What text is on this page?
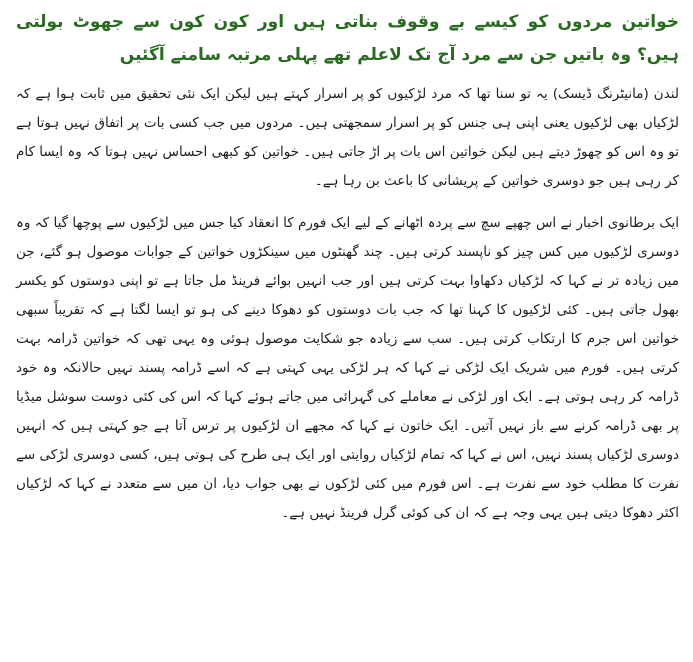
خواتین مردوں کو کیسے بے وقوف بناتی ہیں اور کون کون سے جھوٹ بولتی ہیں؟ وہ باتیں جن سے مرد آج تک لاعلم تھے پہلی مرتبہ سامنے آگئیں

لندن (مانیٹرنگ ڈیسک) یہ تو سنا تھا کہ مرد لڑکیوں کو پر اسرار کہتے ہیں لیکن ایک نئی تحقیق میں ثابت ہوا ہے کہ لڑکیاں بھی لڑکیوں یعنی اپنی ہی جنس کو پر اسرار سمجھتی ہیں۔ مردوں میں جب کسی بات پر اتفاق نہیں ہوتا ہے تو وہ اس کو چھوڑ دیتے ہیں لیکن خواتین اس بات پر اڑ جاتی ہیں۔ خواتین کو کبھی احساس نہیں ہوتا کہ وہ ایسا کام کر رہی ہیں جو دوسری خواتین کے پریشانی کا باعث بن رہا ہے۔

ایک برطانوی اخبار نے اس چھپے سچ سے پردہ اٹھانے کے لیے ایک فورم کا انعقاد کیا جس میں لڑکیوں سے پوچھا گیا کہ وہ دوسری لڑکیوں میں کس چیز کو ناپسند کرتی ہیں۔ چند گھنٹوں میں سینکڑوں خواتین کے جوابات موصول ہو گئے، جن میں زیادہ تر نے کہا کہ لڑکیاں دکھاوا بہت کرتی ہیں اور جب انہیں بوائے فرینڈ مل جاتا ہے تو اپنی دوستوں کو یکسر بھول جاتی ہیں۔ کئی لڑکیوں کا کہنا تھا کہ جب بات دوستوں کو دھوکا دینے کی ہو تو ایسا لگتا ہے کہ تقریباً سبھی خواتین اس جرم کا ارتکاب کرتی ہیں۔ سب سے زیادہ جو شکایت موصول ہوئی وہ یہی تھی کہ خواتین ڈرامہ بہت کرتی ہیں۔ فورم میں شریک ایک لڑکی نے کہا کہ ہر لڑکی یہی کہتی ہے کہ اسے ڈرامہ پسند نہیں حالانکہ وہ خود ڈرامہ کر رہی ہوتی ہے۔ ایک اور لڑکی نے معاملے کی گہرائی میں جاتے ہوئے کہا کہ اس کی کئی دوست سوشل میڈیا پر بھی ڈرامہ کرنے سے باز نہیں آتیں۔ ایک خاتون نے کہا کہ مجھے ان لڑکیوں پر ترس آتا ہے جو کہتی ہیں کہ انہیں دوسری لڑکیاں پسند نہیں، اس نے کہا کہ تمام لڑکیاں روایتی اور ایک ہی طرح کی ہوتی ہیں، کسی دوسری لڑکی سے نفرت کا مطلب خود سے نفرت ہے۔ اس فورم میں کئی لڑکوں نے بھی جواب دیا، ان میں سے متعدد نے کہا کہ لڑکیاں اکثر دھوکا دیتی ہیں یہی وجہ ہے کہ ان کی کوئی گرل فرینڈ نہیں ہے۔
